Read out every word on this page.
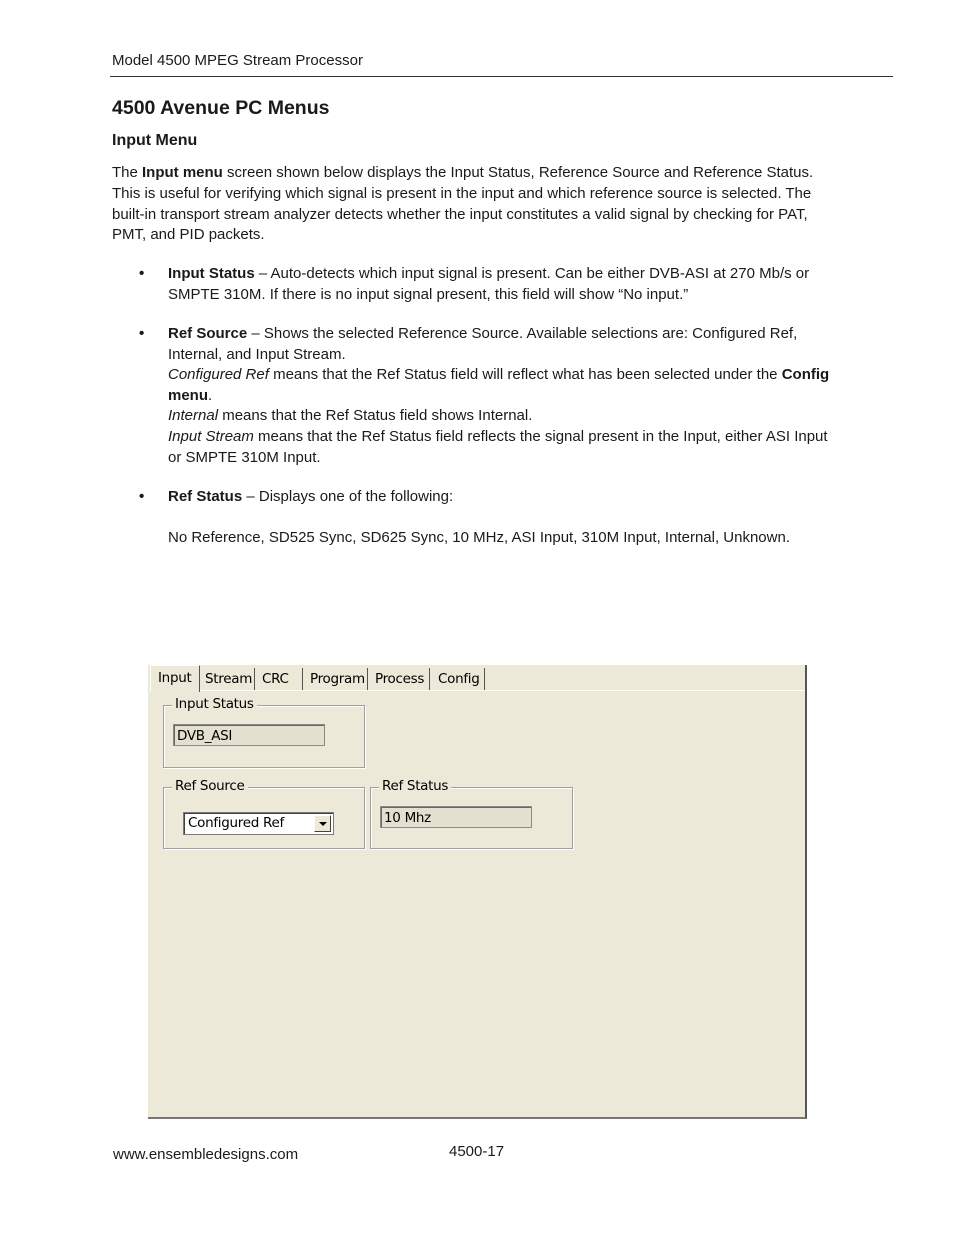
Model 4500 MPEG Stream Processor
4500 Avenue PC Menus
Input Menu

The Input menu screen shown below displays the Input Status, Reference Source and Reference Status. This is useful for verifying which signal is present in the input and which reference source is selected. The built-in transport stream analyzer detects whether the input constitutes a valid signal by checking for PAT, PMT, and PID packets.

• Input Status – Auto-detects which input signal is present. Can be either DVB-ASI at 270 Mb/s or SMPTE 310M. If there is no input signal present, this field will show “No input.”

• Ref Source – Shows the selected Reference Source. Available selections are: Configured Ref, Internal, and Input Stream.

Configured Ref means that the Ref Status field will reflect what has been selected under the Config menu.

Internal means that the Ref Status field shows Internal.

Input Stream means that the Ref Status field reflects the signal present in the Input, either ASI Input or SMPTE 310M Input.

• Ref Status – Displays one of the following:

No Reference, SD525 Sync, SD625 Sync, 10 MHz, ASI Input, 310M Input, Internal, Unknown.

Input	Stream CRC	Program Process	Config
Input Status
DVB_ASI
Ref Source
Configured Ref
Ref Status
10 Mhz
www.ensembledesigns.com	4500-17
